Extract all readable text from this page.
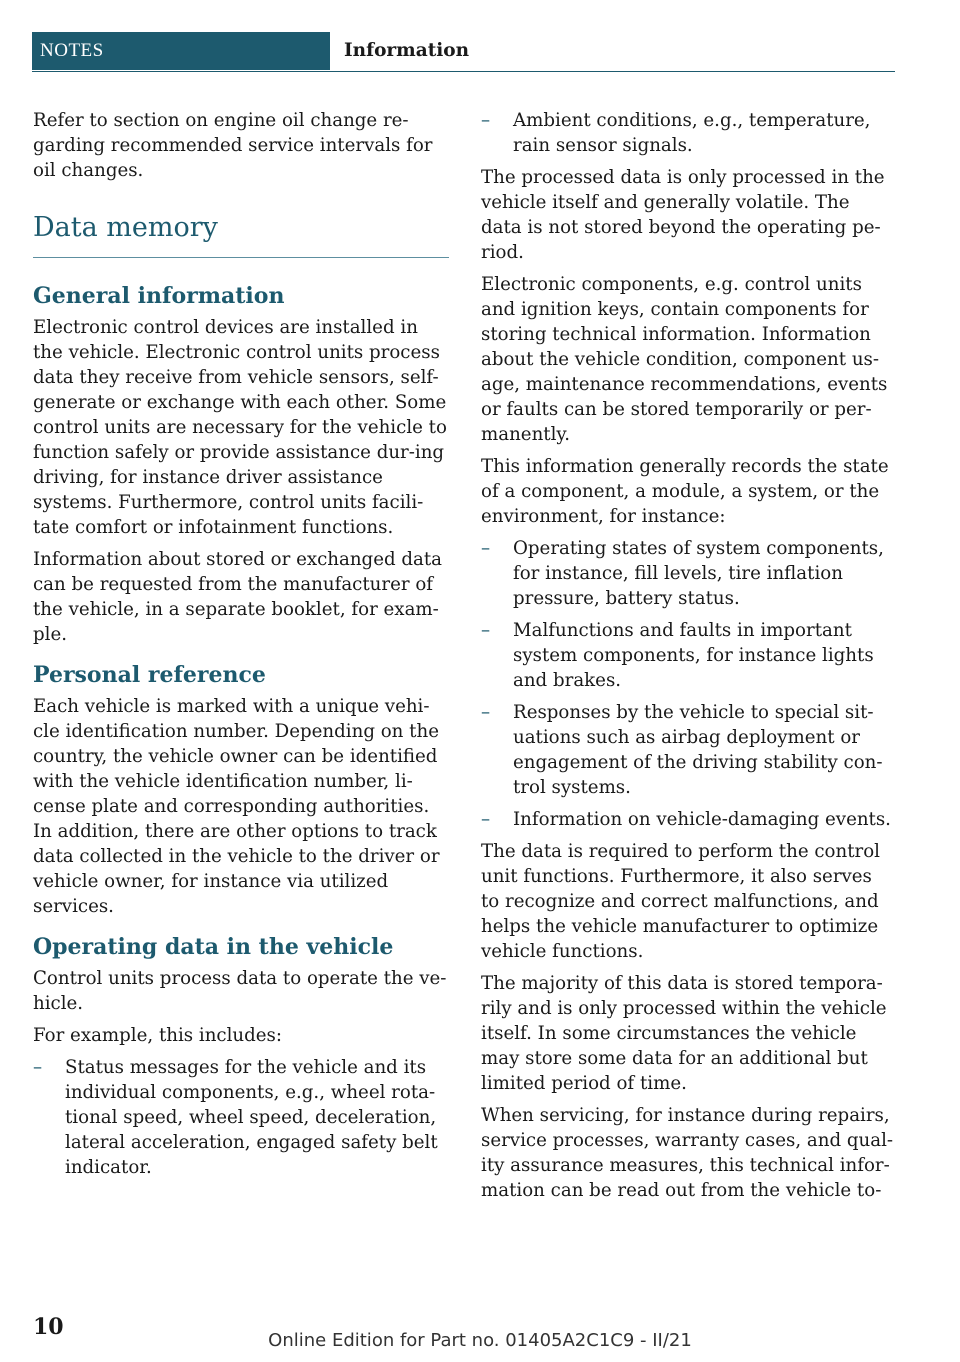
NOTES	Information

Refer to section on engine oil change re-garding recommended service intervals for oil changes.

Data memory
General information

Electronic control devices are installed in the vehicle. Electronic control units process data they receive from vehicle sensors, self-generate or exchange with each other. Some control units are necessary for the vehicle to function safely or provide assistance dur-ing driving, for instance driver assistance systems. Furthermore, control units facili-tate comfort or infotainment functions.

Information about stored or exchanged data can be requested from the manufacturer of the vehicle, in a separate booklet, for exam-ple.

Personal reference

Each vehicle is marked with a unique vehi-cle identification number. Depending on the country, the vehicle owner can be identified with the vehicle identification number, li-cense plate and corresponding authorities. In addition, there are other options to track data collected in the vehicle to the driver or vehicle owner, for instance via utilized services.

Operating data in the vehicle

Control units process data to operate the ve-hicle.

For example, this includes:

– Status messages for the vehicle and its individual components, e.g., wheel rota-tional speed, wheel speed, deceleration, lateral acceleration, engaged safety belt indicator.
– Ambient conditions, e.g., temperature, rain sensor signals.

The processed data is only processed in the vehicle itself and generally volatile. The data is not stored beyond the operating pe-riod.

Electronic components, e.g. control units and ignition keys, contain components for storing technical information. Information about the vehicle condition, component us-age, maintenance recommendations, events or faults can be stored temporarily or per-manently.

This information generally records the state of a component, a module, a system, or the environment, for instance:

– Operating states of system components, for instance, fill levels, tire inflation pressure, battery status.
– Malfunctions and faults in important system components, for instance lights and brakes.
– Responses by the vehicle to special sit-uations such as airbag deployment or engagement of the driving stability con-trol systems.
– Information on vehicle-damaging events.

The data is required to perform the control unit functions. Furthermore, it also serves to recognize and correct malfunctions, and helps the vehicle manufacturer to optimize vehicle functions.

The majority of this data is stored tempora-rily and is only processed within the vehicle itself. In some circumstances the vehicle may store some data for an additional but limited period of time.

When servicing, for instance during repairs, service processes, warranty cases, and qual-ity assurance measures, this technical infor-mation can be read out from the vehicle to-

10
Online Edition for Part no. 01405A2C1C9 - II/21
